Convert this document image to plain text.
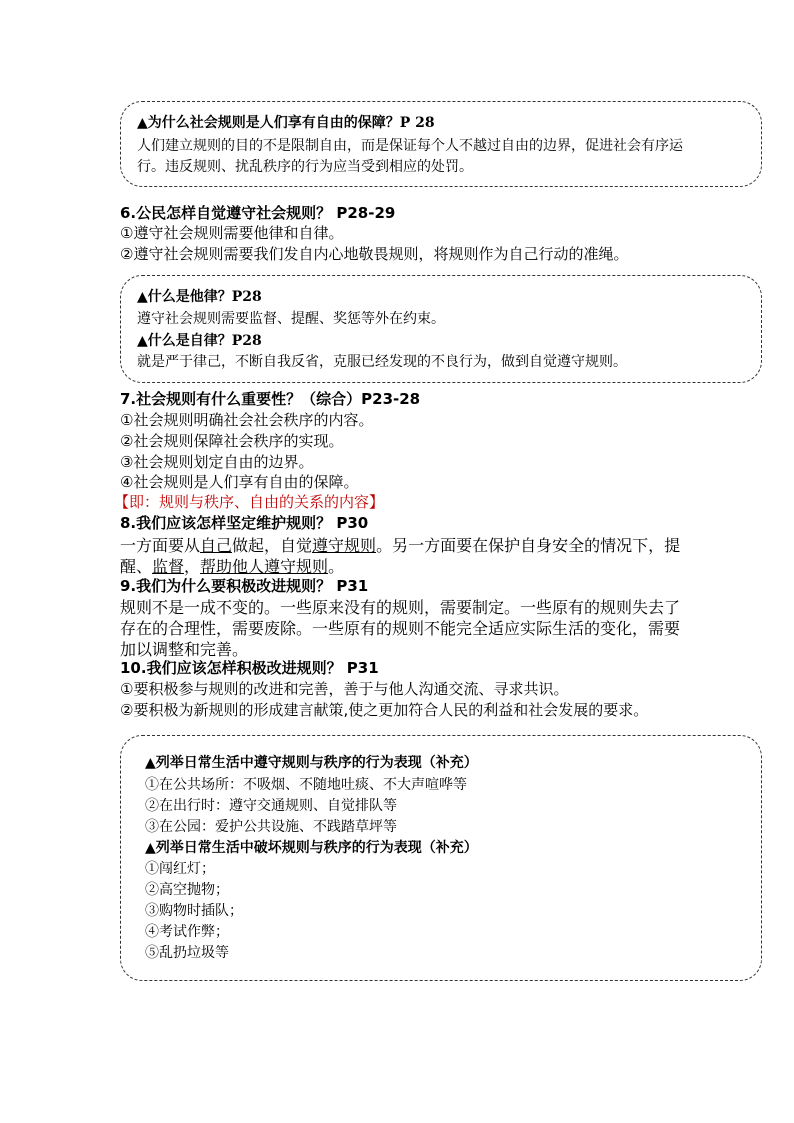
▲为什么社会规则是人们享有自由的保障？P 28
人们建立规则的目的不是限制自由，而是保证每个人不越过自由的边界，促进社会有序运
行。违反规则、扰乱秩序的行为应当受到相应的处罚。
6.公民怎样自觉遵守社会规则？ P28-29
①遵守社会规则需要他律和自律。
②遵守社会规则需要我们发自内心地敬畏规则，将规则作为自己行动的准绳。
▲什么是他律？P28
遵守社会规则需要监督、提醒、奖惩等外在约束。
▲什么是自律？P28
就是严于律己，不断自我反省，克服已经发现的不良行为，做到自觉遵守规则。
7.社会规则有什么重要性？（综合）P23-28
①社会规则明确社会社会秩序的内容。
②社会规则保障社会秩序的实现。
③社会规则划定自由的边界。
④社会规则是人们享有自由的保障。
【即：规则与秩序、自由的关系的内容】
8.我们应该怎样坚定维护规则？ P30
一方面要从自己做起，自觉遵守规则。另一方面要在保护自身安全的情况下，提
醒、监督，帮助他人遵守规则。
9.我们为什么要积极改进规则？ P31
规则不是一成不变的。一些原来没有的规则，需要制定。一些原有的规则失去了
存在的合理性，需要废除。一些原有的规则不能完全适应实际生活的变化，需要
加以调整和完善。
10.我们应该怎样积极改进规则？ P31
①要积极参与规则的改进和完善，善于与他人沟通交流、寻求共识。
②要积极为新规则的形成建言献策,使之更加符合人民的利益和社会发展的要求。
▲列举日常生活中遵守规则与秩序的行为表现（补充）
①在公共场所：不吸烟、不随地吐痰、不大声喧哗等
②在出行时：遵守交通规则、自觉排队等
③在公园：爱护公共设施、不践踏草坪等
▲列举日常生活中破坏规则与秩序的行为表现（补充）
①闯红灯；
②高空抛物；
③购物时插队；
④考试作弊；
⑤乱扔垃圾等
